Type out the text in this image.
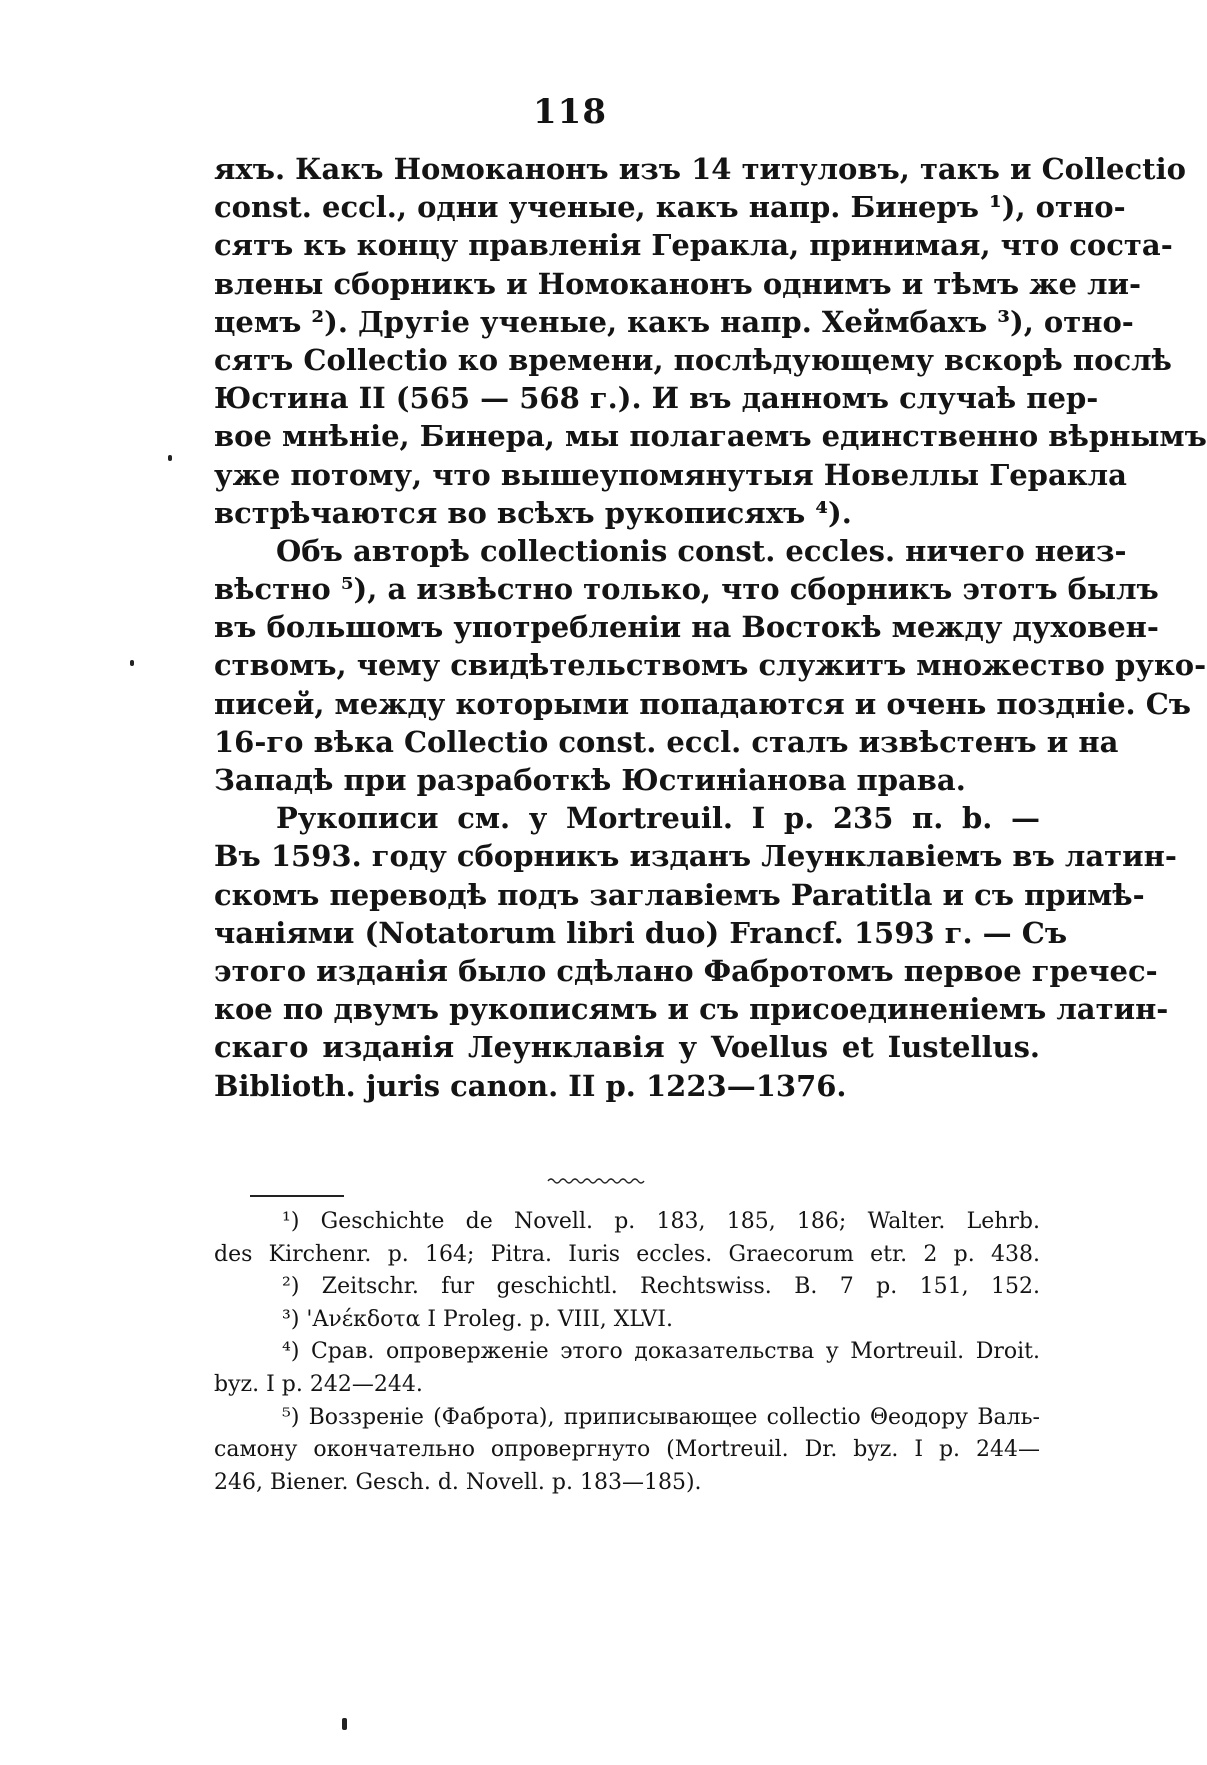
118
яхъ. Какъ Номоканонъ изъ 14 титуловъ, такъ и Collectio
const. eccl., одни ученые, какъ напр. Бинеръ ¹), отно-
сятъ къ концу правленія Геракла, принимая, что соста-
влены сборникъ и Номоканонъ однимъ и тѣмъ же ли-
цемъ ²). Другіе ученые, какъ напр. Хеймбахъ ³), отно-
сятъ Collectio ко времени, послѣдующему вскорѣ послѣ
Юстина II (565 — 568 г.). И въ данномъ случаѣ пер-
вое мнѣніе, Бинера, мы полагаемъ единственно вѣрнымъ
уже потому, что вышеупомянутыя Новеллы Геракла
встрѣчаются во всѣхъ рукописяхъ ⁴).
Объ авторѣ collectionis const. eccles. ничего неиз-
вѣстно ⁵), а извѣстно только, что сборникъ этотъ былъ
въ большомъ употребленіи на Востокѣ между духовен-
ствомъ, чему свидѣтельствомъ служитъ множество руко-
писей, между которыми попадаются и очень поздніе. Съ
16-го вѣка Collectio const. eccl. сталъ извѣстенъ и на
Западѣ при разработкѣ Юстиніанова права.
Рукописи см. у Mortreuil. I p. 235 п. b. —
Въ 1593. году сборникъ изданъ Леунклавіемъ въ латин-
скомъ переводѣ подъ заглавіемъ Paratitla и съ примѣ-
чаніями (Notatorum libri duo) Francf. 1593 г. — Съ
этого изданія было сдѣлано Фабротомъ первое гречес-
кое по двумъ рукописямъ и съ присоединеніемъ латин-
скаго изданія Леунклавія у Voellus et Iustellus.
Biblioth. juris canon. II p. 1223—1376.
¹) Geschichte de Novell. p. 183, 185, 186; Walter. Lehrb.
des Kirchenr. p. 164; Pitra. Iuris eccles. Graecorum etr. 2 p. 438.
²) Zeitschr. fur geschichtl. Rechtswiss. B. 7 p. 151, 152.
³) 'Ανέκδοτα I Proleg. p. VIII, XLVI.
⁴) Срав. опроверженіе этого доказательства у Mortreuil. Droit.
byz. I p. 242—244.
⁵) Воззреніе (Фаброта), приписывающее collectio Θеодору Валь-
самону окончательно опровергнуто (Mortreuil. Dr. byz. I p. 244—
246, Biener. Gesch. d. Novell. p. 183—185).
